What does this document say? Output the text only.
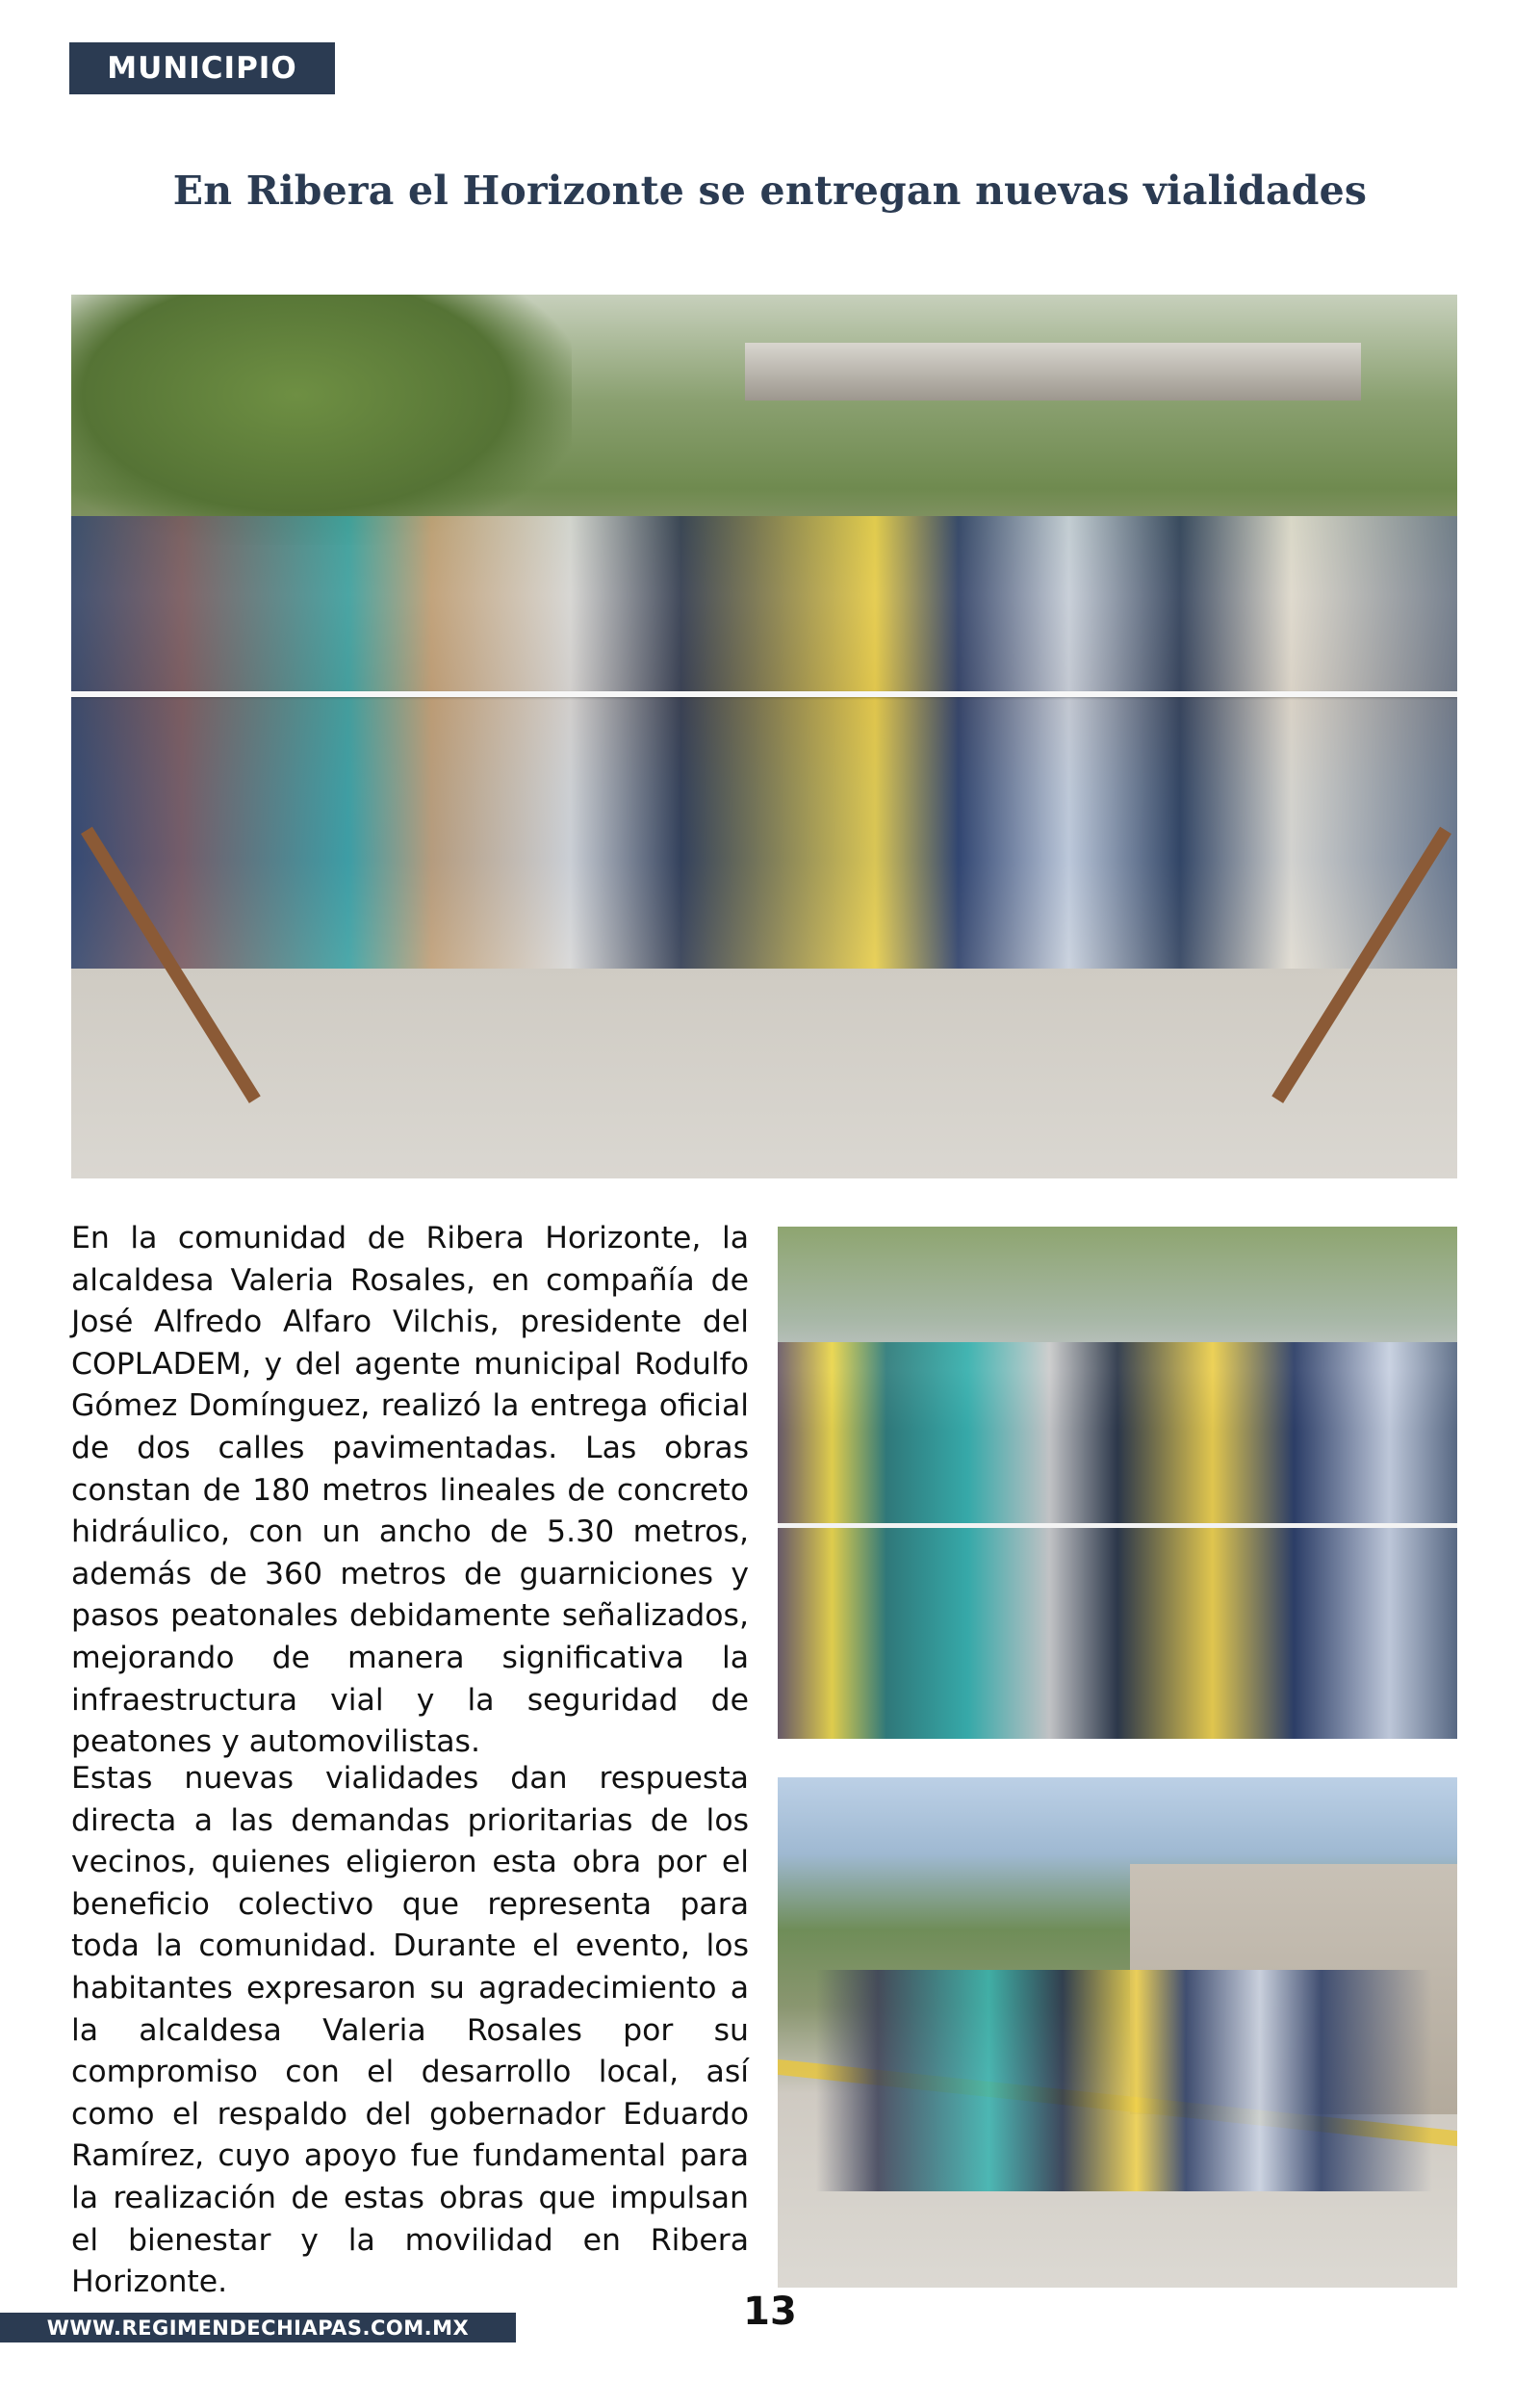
MUNICIPIO
En Ribera el Horizonte se entregan nuevas vialidades

En la comunidad de Ribera Horizonte, la alcaldesa Valeria Rosales, en compañía de José Alfredo Alfaro Vilchis, presidente del COPLADEM, y del agente municipal Rodulfo Gómez Domínguez, realizó la entrega oficial de dos calles pavimentadas. Las obras constan de 180 metros lineales de concreto hidráulico, con un ancho de 5.30 metros, además de 360 metros de guarniciones y pasos peatonales debidamente señalizados, mejorando de manera significativa la infraestructura vial y la seguridad de peatones y automovilistas.

Estas nuevas vialidades dan respuesta directa a las demandas prioritarias de los vecinos, quienes eligieron esta obra por el beneficio colectivo que representa para toda la comunidad. Durante el evento, los habitantes expresaron su agradecimiento a la alcaldesa Valeria Rosales por su compromiso con el desarrollo local, así como el respaldo del gobernador Eduardo Ramírez, cuyo apoyo fue fundamental para la realización de estas obras que impulsan el bienestar y la movilidad en Ribera Horizonte.

WWW.REGIMENDECHIAPAS.COM.MX	13
